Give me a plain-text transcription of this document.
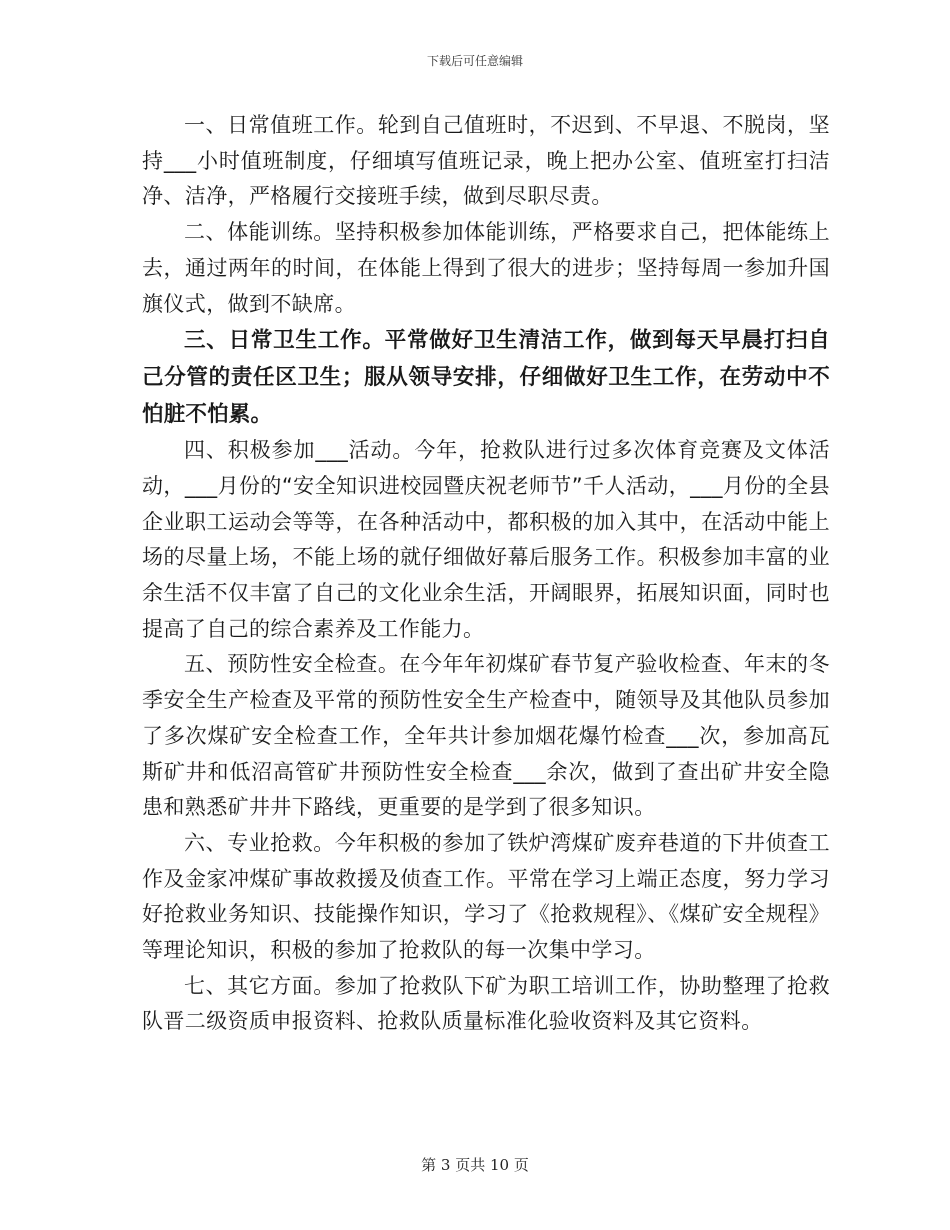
下载后可任意编辑

一、日常值班工作。轮到自己值班时，不迟到、不早退、不脱岗，坚持___小时值班制度，仔细填写值班记录，晚上把办公室、值班室打扫洁净、洁净，严格履行交接班手续，做到尽职尽责。

二、体能训练。坚持积极参加体能训练，严格要求自己，把体能练上去，通过两年的时间，在体能上得到了很大的进步；坚持每周一参加升国旗仪式，做到不缺席。

三、日常卫生工作。平常做好卫生清洁工作，做到每天早晨打扫自己分管的责任区卫生；服从领导安排，仔细做好卫生工作，在劳动中不怕脏不怕累。

四、积极参加___活动。今年，抢救队进行过多次体育竞赛及文体活动，___月份的“安全知识进校园暨庆祝老师节”千人活动，___月份的全县企业职工运动会等等，在各种活动中，都积极的加入其中，在活动中能上场的尽量上场，不能上场的就仔细做好幕后服务工作。积极参加丰富的业余生活不仅丰富了自己的文化业余生活，开阔眼界，拓展知识面，同时也提高了自己的综合素养及工作能力。

五、预防性安全检查。在今年年初煤矿春节复产验收检查、年末的冬季安全生产检查及平常的预防性安全生产检查中，随领导及其他队员参加了多次煤矿安全检查工作，全年共计参加烟花爆竹检查___次，参加高瓦斯矿井和低沼高管矿井预防性安全检查___余次，做到了查出矿井安全隐患和熟悉矿井井下路线，更重要的是学到了很多知识。

六、专业抢救。今年积极的参加了铁炉湾煤矿废弃巷道的下井侦查工作及金家冲煤矿事故救援及侦查工作。平常在学习上端正态度，努力学习好抢救业务知识、技能操作知识，学习了《抢救规程》、《煤矿安全规程》等理论知识，积极的参加了抢救队的每一次集中学习。

七、其它方面。参加了抢救队下矿为职工培训工作，协助整理了抢救队晋二级资质申报资料、抢救队质量标准化验收资料及其它资料。

第 3 页共 10 页
